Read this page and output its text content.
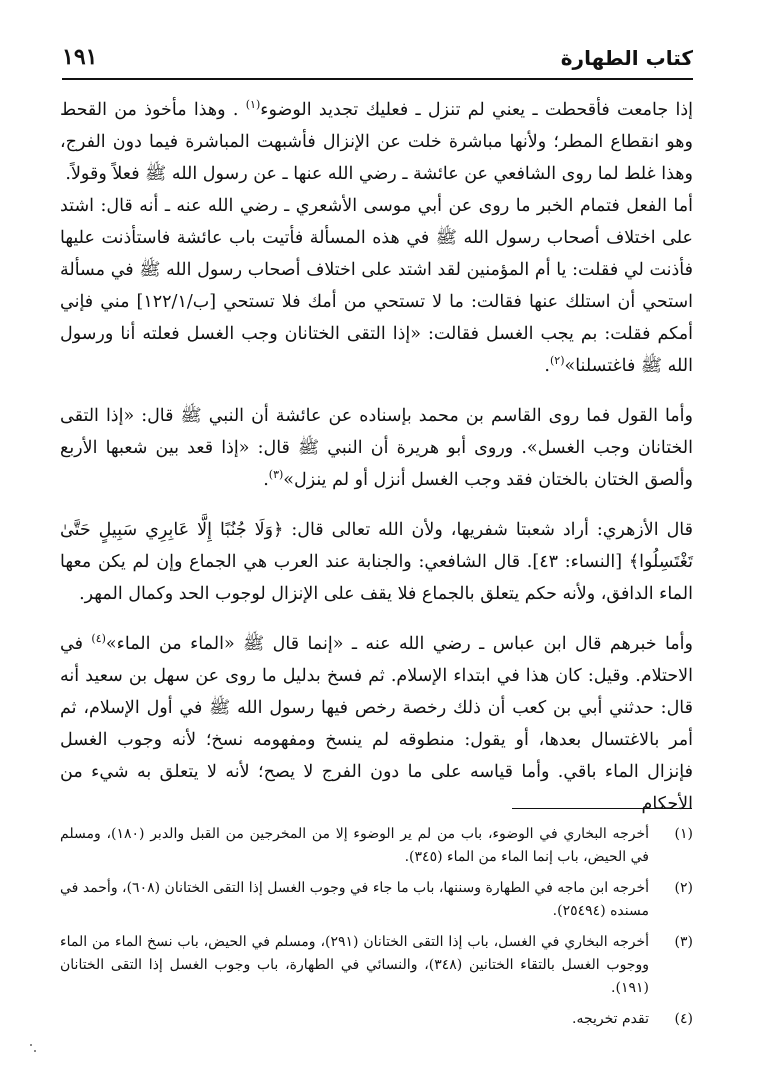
كتاب الطهارة
١٩١

إذا جامعت فأقحطت ـ يعني لم تنزل ـ فعليك تجديد الوضوء$^{(١)}$ . وهذا مأخوذ من القحط وهو انقطاع المطر؛ ولأنها مباشرة خلت عن الإنزال فأشبهت المباشرة فيما دون الفرج، وهذا غلط لما روى الشافعي عن عائشة ـ رضي الله عنها ـ عن رسول الله ﷺ فعلاً وقولاً.

أما الفعل فتمام الخبر ما روى عن أبي موسى الأشعري ـ رضي الله عنه ـ أنه قال: اشتد على اختلاف أصحاب رسول الله ﷺ في هذه المسألة فأتيت باب عائشة فاستأذنت عليها فأذنت لي فقلت: يا أم المؤمنين لقد اشتد على اختلاف أصحاب رسول الله ﷺ في مسألة استحي أن استلك عنها فقالت: ما لا تستحي من أمك فلا تستحي [ب/١٢٢/١] مني فإني أمكم فقلت: بم يجب الغسل فقالت: «إذا التقى الختانان وجب الغسل فعلته أنا ورسول الله ﷺ فاغتسلنا»$^{(٢)}$.

وأما القول فما روى القاسم بن محمد بإسناده عن عائشة أن النبي ﷺ قال: «إذا التقى الختانان وجب الغسل». وروى أبو هريرة أن النبي ﷺ قال: «إذا قعد بين شعبها الأربع وألصق الختان بالختان فقد وجب الغسل أنزل أو لم ينزل»$^{(٣)}$.

قال الأزهري: أراد شعبتا شفريها، ولأن الله تعالى قال: ﴿وَلَا جُنُبًا إِلَّا عَابِرِي سَبِيلٍ حَتَّىٰ تَغْتَسِلُوا﴾ [النساء: ٤٣]. قال الشافعي: والجنابة عند العرب هي الجماع وإن لم يكن معها الماء الدافق، ولأنه حكم يتعلق بالجماع فلا يقف على الإنزال لوجوب الحد وكمال المهر.

وأما خبرهم قال ابن عباس ـ رضي الله عنه ـ «إنما قال ﷺ «الماء من الماء»$^{(٤)}$ في الاحتلام. وقيل: كان هذا في ابتداء الإسلام. ثم فسخ بدليل ما روى عن سهل بن سعيد أنه قال: حدثني أبي بن كعب أن ذلك رخصة رخص فيها رسول الله ﷺ في أول الإسلام، ثم أمر بالاغتسال بعدها، أو يقول: منطوقه لم ينسخ ومفهومه نسخ؛ لأنه وجوب الغسل فإنزال الماء باقي. وأما قياسه على ما دون الفرج لا يصح؛ لأنه لا يتعلق به شيء من الأحكام

(١)
أخرجه البخاري في الوضوء، باب من لم ير الوضوء إلا من المخرجين من القبل والدبر (١٨٠)، ومسلم في الحيض، باب إنما الماء من الماء (٣٤٥).
(٢)
أخرجه ابن ماجه في الطهارة وسننها، باب ما جاء في وجوب الغسل إذا التقى الختانان (٦٠٨)، وأحمد في مسنده (٢٥٤٩٤).
(٣)
أخرجه البخاري في الغسل، باب إذا التقى الختانان (٢٩١)، ومسلم في الحيض، باب نسخ الماء من الماء ووجوب الغسل بالتقاء الختانين (٣٤٨)، والنسائي في الطهارة، باب وجوب الغسل إذا التقى الختانان (١٩١).
(٤)
تقدم تخريجه.
